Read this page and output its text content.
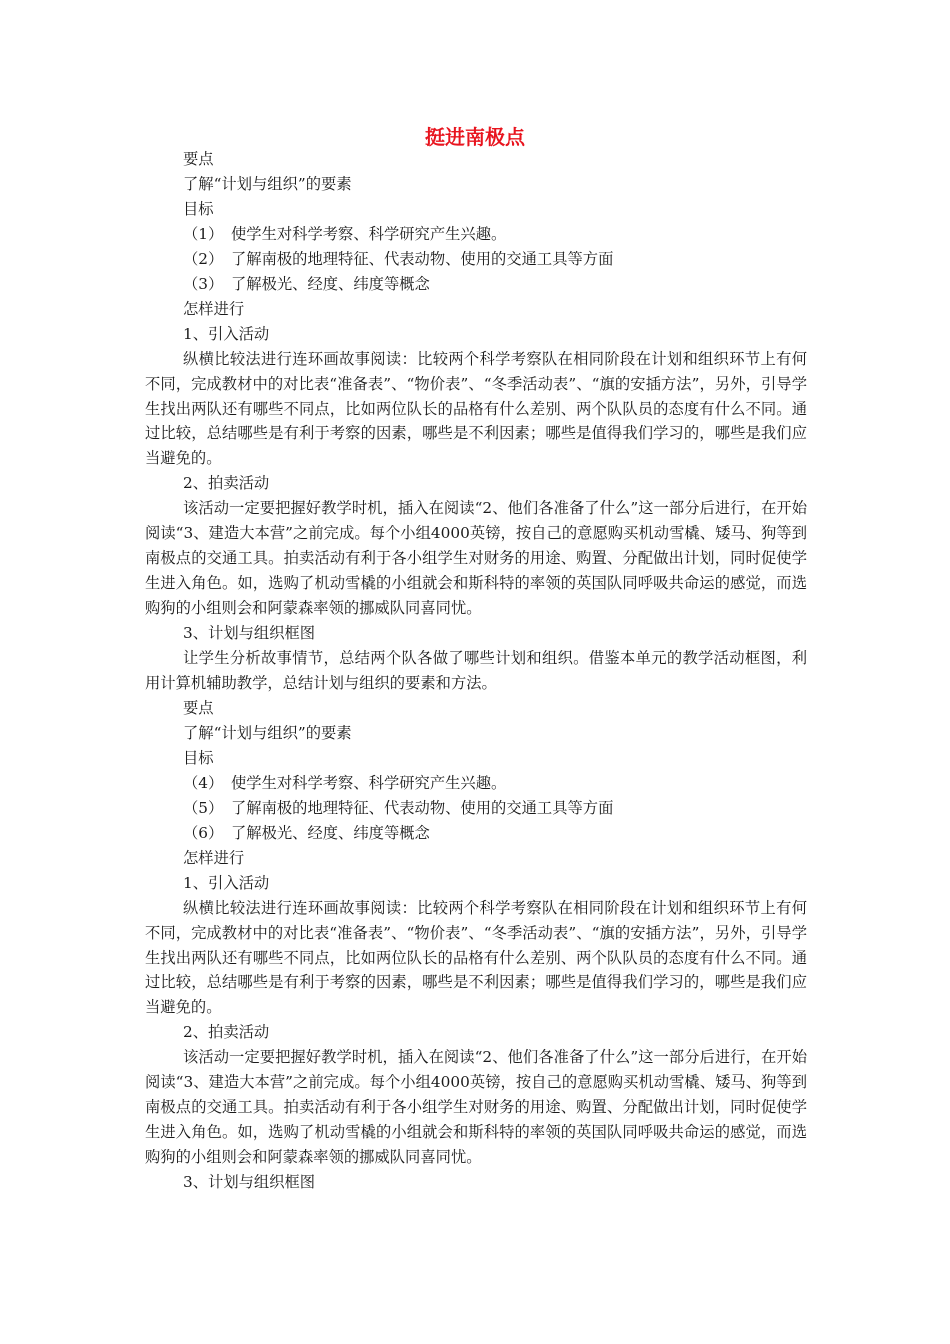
挺进南极点

要点

了解“计划与组织”的要素

目标

（1）　使学生对科学考察、科学研究产生兴趣。

（2）　了解南极的地理特征、代表动物、使用的交通工具等方面

（3）　了解极光、经度、纬度等概念

怎样进行

1、引入活动

纵横比较法进行连环画故事阅读：比较两个科学考察队在相同阶段在计划和组织环节上有何不同，完成教材中的对比表“准备表”、“物价表”、“冬季活动表”、“旗的安插方法”，另外，引导学生找出两队还有哪些不同点，比如两位队长的品格有什么差别、两个队队员的态度有什么不同。通过比较，总结哪些是有利于考察的因素，哪些是不利因素；哪些是值得我们学习的，哪些是我们应当避免的。

2、拍卖活动

该活动一定要把握好教学时机，插入在阅读“2、他们各准备了什么”这一部分后进行，在开始阅读“3、建造大本营”之前完成。每个小组4000英镑，按自己的意愿购买机动雪橇、矮马、狗等到南极点的交通工具。拍卖活动有利于各小组学生对财务的用途、购置、分配做出计划，同时促使学生进入角色。如，选购了机动雪橇的小组就会和斯科特的率领的英国队同呼吸共命运的感觉，而选购狗的小组则会和阿蒙森率领的挪威队同喜同忧。

3、计划与组织框图

让学生分析故事情节，总结两个队各做了哪些计划和组织。借鉴本单元的教学活动框图，利用计算机辅助教学，总结计划与组织的要素和方法。

要点

了解“计划与组织”的要素

目标

（4）　使学生对科学考察、科学研究产生兴趣。

（5）　了解南极的地理特征、代表动物、使用的交通工具等方面

（6）　了解极光、经度、纬度等概念

怎样进行

1、引入活动

纵横比较法进行连环画故事阅读：比较两个科学考察队在相同阶段在计划和组织环节上有何不同，完成教材中的对比表“准备表”、“物价表”、“冬季活动表”、“旗的安插方法”，另外，引导学生找出两队还有哪些不同点，比如两位队长的品格有什么差别、两个队队员的态度有什么不同。通过比较，总结哪些是有利于考察的因素，哪些是不利因素；哪些是值得我们学习的，哪些是我们应当避免的。

2、拍卖活动

该活动一定要把握好教学时机，插入在阅读“2、他们各准备了什么”这一部分后进行，在开始阅读“3、建造大本营”之前完成。每个小组4000英镑，按自己的意愿购买机动雪橇、矮马、狗等到南极点的交通工具。拍卖活动有利于各小组学生对财务的用途、购置、分配做出计划，同时促使学生进入角色。如，选购了机动雪橇的小组就会和斯科特的率领的英国队同呼吸共命运的感觉，而选购狗的小组则会和阿蒙森率领的挪威队同喜同忧。

3、计划与组织框图
